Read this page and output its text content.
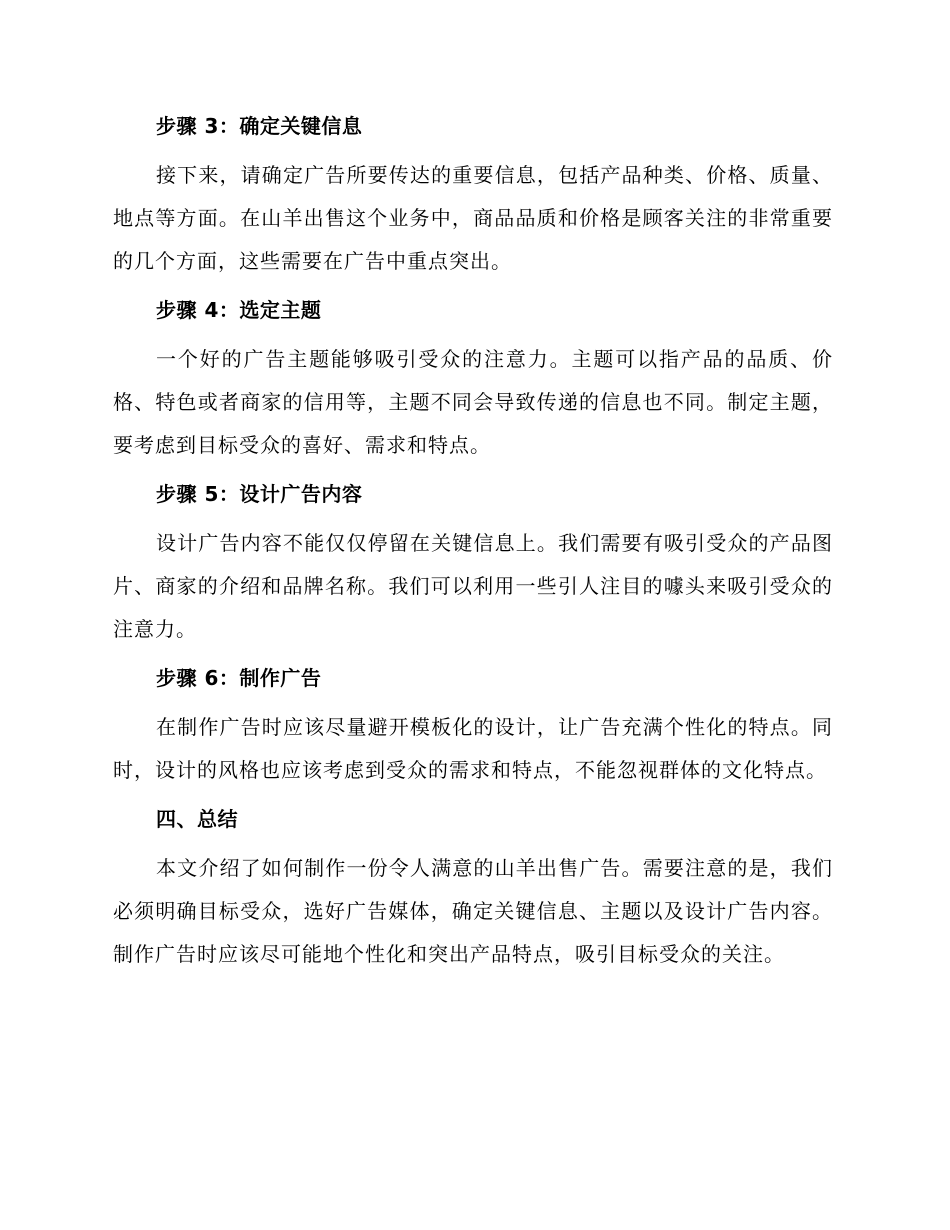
步骤 3：确定关键信息

接下来，请确定广告所要传达的重要信息，包括产品种类、价格、质量、地点等方面。在山羊出售这个业务中，商品品质和价格是顾客关注的非常重要的几个方面，这些需要在广告中重点突出。

步骤 4：选定主题

一个好的广告主题能够吸引受众的注意力。主题可以指产品的品质、价格、特色或者商家的信用等，主题不同会导致传递的信息也不同。制定主题，要考虑到目标受众的喜好、需求和特点。

步骤 5：设计广告内容

设计广告内容不能仅仅停留在关键信息上。我们需要有吸引受众的产品图片、商家的介绍和品牌名称。我们可以利用一些引人注目的噱头来吸引受众的注意力。

步骤 6：制作广告

在制作广告时应该尽量避开模板化的设计，让广告充满个性化的特点。同时，设计的风格也应该考虑到受众的需求和特点，不能忽视群体的文化特点。

四、总结

本文介绍了如何制作一份令人满意的山羊出售广告。需要注意的是，我们必须明确目标受众，选好广告媒体，确定关键信息、主题以及设计广告内容。制作广告时应该尽可能地个性化和突出产品特点，吸引目标受众的关注。
